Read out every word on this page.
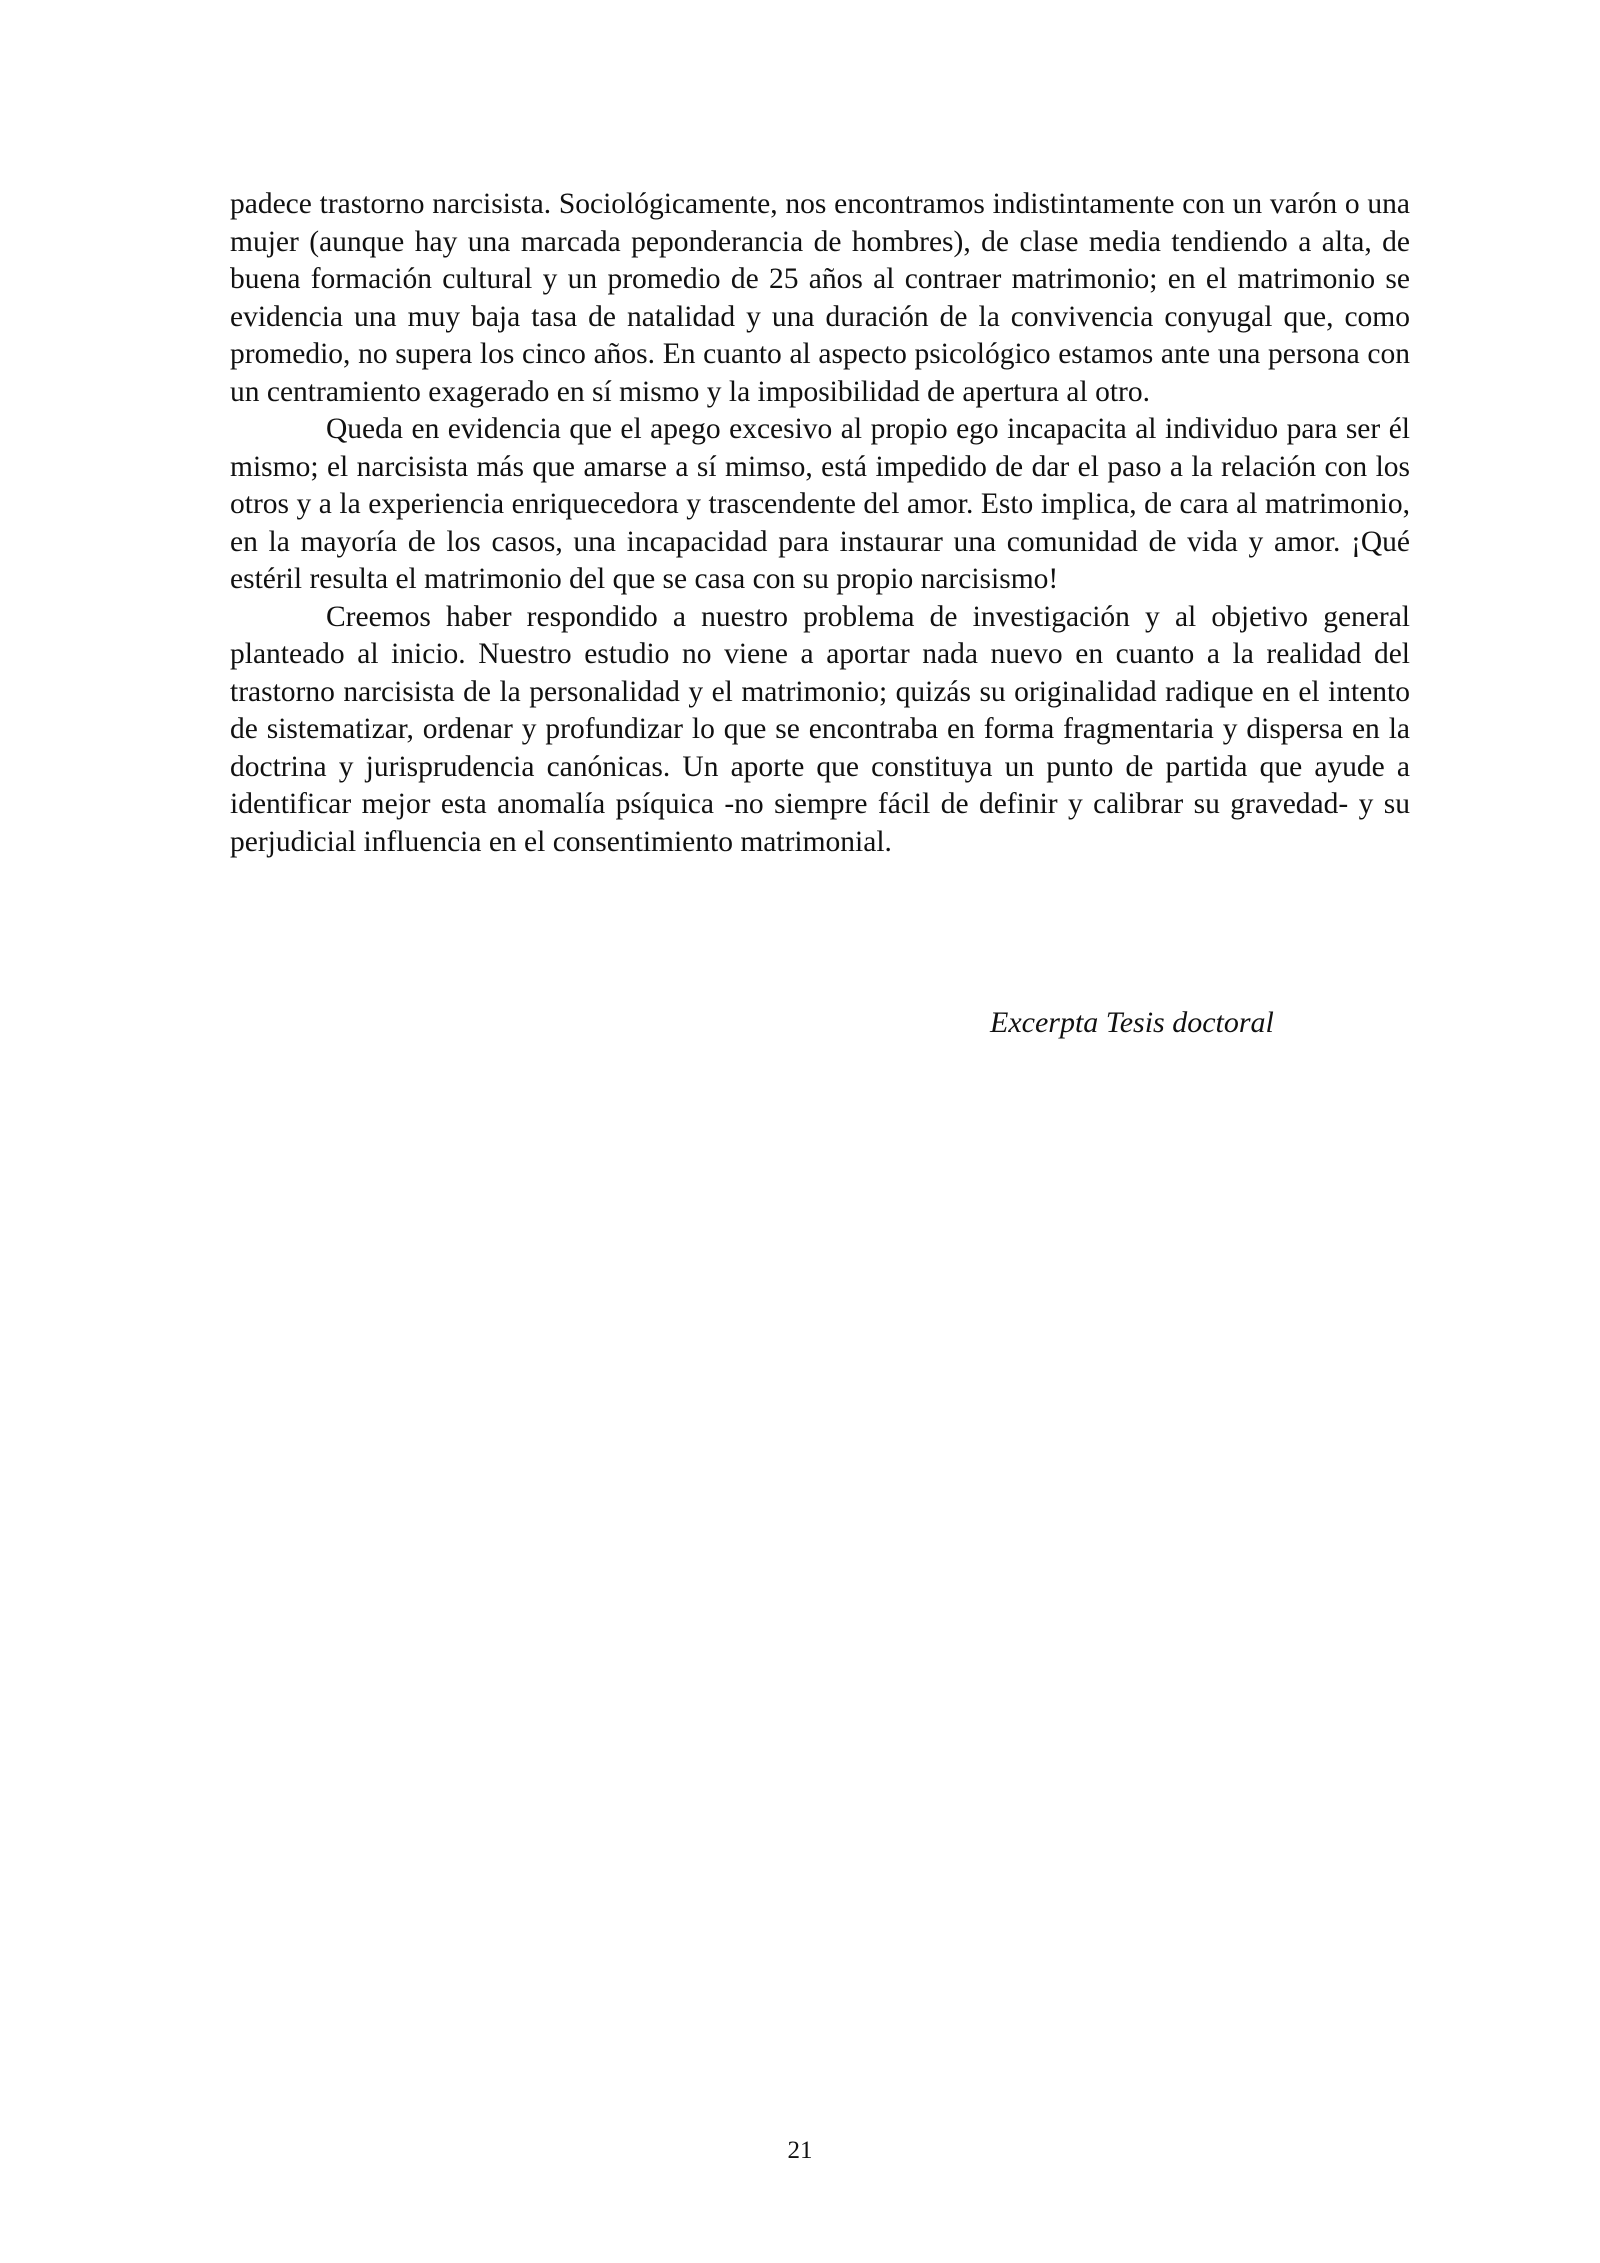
padece trastorno narcisista. Sociológicamente, nos encontramos indistintamente con un varón o una mujer (aunque hay una marcada peponderancia de hombres), de clase media tendiendo a alta, de buena formación cultural y un promedio de 25 años al contraer matrimonio; en el matrimonio se evidencia una muy baja tasa de natalidad y una duración de la convivencia conyugal que, como promedio, no supera los cinco años. En cuanto al aspecto psicológico estamos ante una persona con un centramiento exagerado en sí mismo y la imposibilidad de apertura al otro.

Queda en evidencia que el apego excesivo al propio ego incapacita al individuo para ser él mismo; el narcisista más que amarse a sí mimso, está impedido de dar el paso a la relación con los otros y a la experiencia enriquecedora y trascendente del amor. Esto implica, de cara al matrimonio, en la mayoría de los casos, una incapacidad para instaurar una comunidad de vida y amor. ¡Qué estéril resulta el matrimonio del que se casa con su propio narcisismo!

Creemos haber respondido a nuestro problema de investigación y al objetivo general planteado al inicio. Nuestro estudio no viene a aportar nada nuevo en cuanto a la realidad del trastorno narcisista de la personalidad y el matrimonio; quizás su originalidad radique en el intento de sistematizar, ordenar y profundizar lo que se encontraba en forma fragmentaria y dispersa en la doctrina y jurisprudencia canónicas. Un aporte que constituya un punto de partida que ayude a identificar mejor esta anomalía psíquica -no siempre fácil de definir y calibrar su gravedad- y su perjudicial influencia en el consentimiento matrimonial.

Excerpta Tesis doctoral
21
